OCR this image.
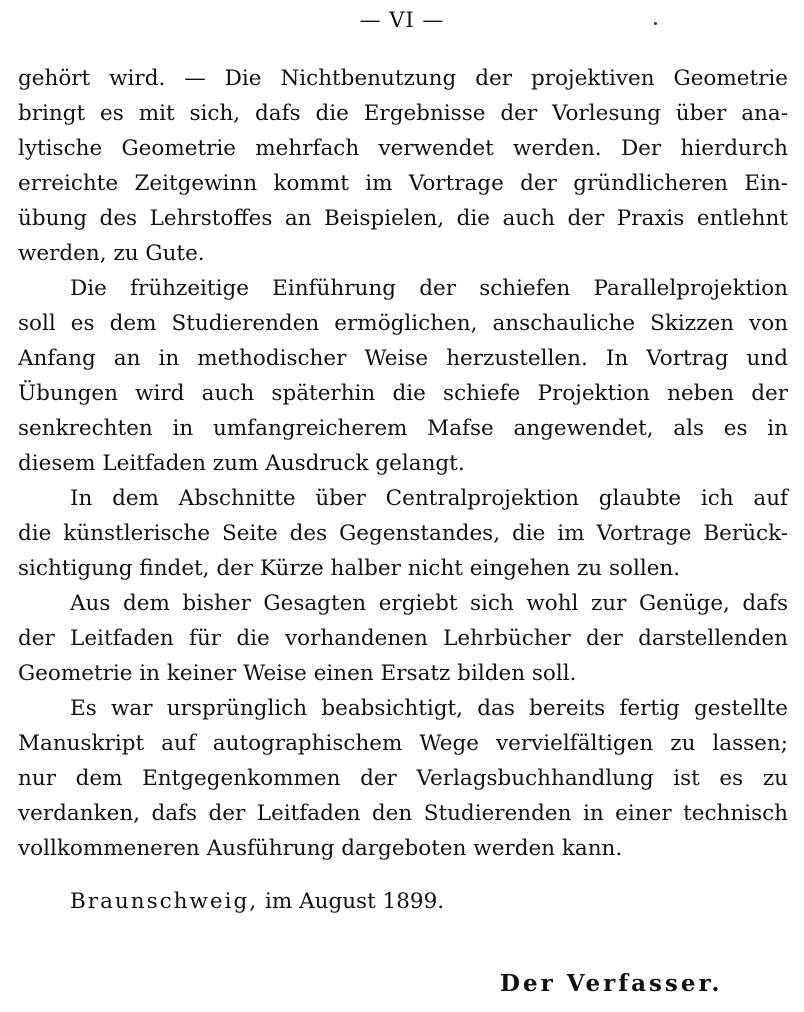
— VI —
gehört wird. — Die Nichtbenutzung der projektiven Geometrie
bringt es mit sich, dafs die Ergebnisse der Vorlesung über ana-
lytische Geometrie mehrfach verwendet werden. Der hierdurch
erreichte Zeitgewinn kommt im Vortrage der gründlicheren Ein-
übung des Lehrstoffes an Beispielen, die auch der Praxis entlehnt
werden, zu Gute.
Die frühzeitige Einführung der schiefen Parallelprojektion
soll es dem Studierenden ermöglichen, anschauliche Skizzen von
Anfang an in methodischer Weise herzustellen. In Vortrag und
Übungen wird auch späterhin die schiefe Projektion neben der
senkrechten in umfangreicherem Mafse angewendet, als es in
diesem Leitfaden zum Ausdruck gelangt.
In dem Abschnitte über Centralprojektion glaubte ich auf
die künstlerische Seite des Gegenstandes, die im Vortrage Berück-
sichtigung findet, der Kürze halber nicht eingehen zu sollen.
Aus dem bisher Gesagten ergiebt sich wohl zur Genüge, dafs
der Leitfaden für die vorhandenen Lehrbücher der darstellenden
Geometrie in keiner Weise einen Ersatz bilden soll.
Es war ursprünglich beabsichtigt, das bereits fertig gestellte
Manuskript auf autographischem Wege vervielfältigen zu lassen;
nur dem Entgegenkommen der Verlagsbuchhandlung ist es zu
verdanken, dafs der Leitfaden den Studierenden in einer technisch
vollkommeneren Ausführung dargeboten werden kann.
Braunschweig, im August 1899.
Der Verfasser.
